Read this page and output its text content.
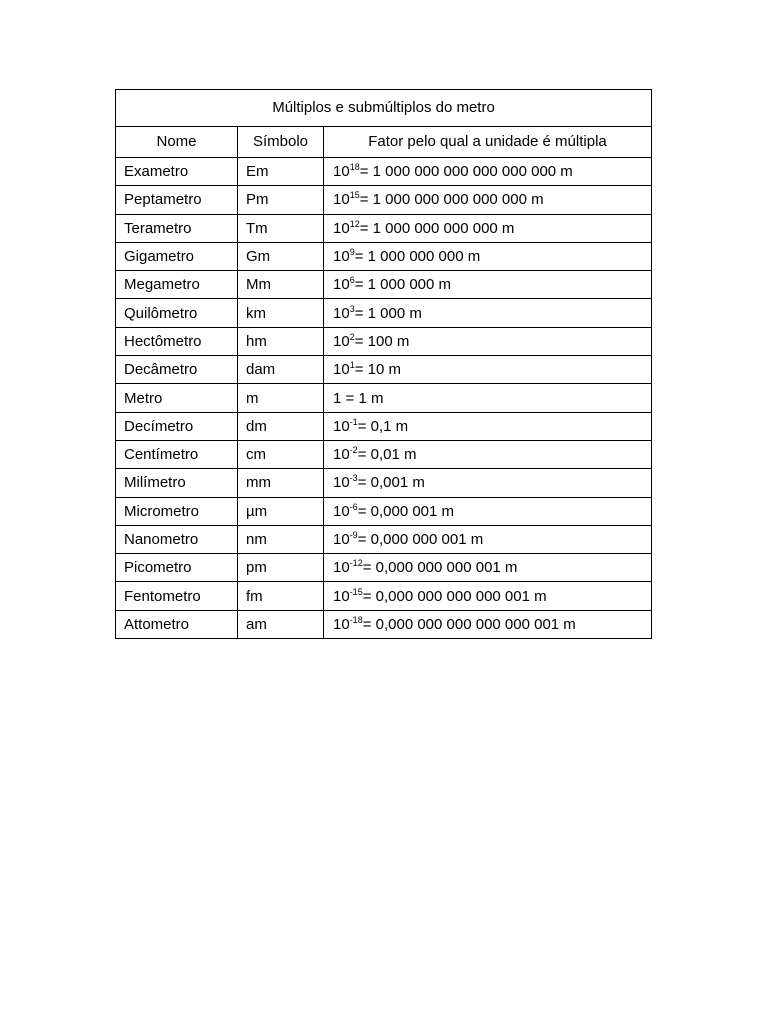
Múltiplos e submúltiplos do metro		
Nome	Símbolo	Fator pelo qual a unidade é múltipla
Exametro	Em	$10^{18}= 1$ 000 000 000 000 000 000 m
Peptametro	Pm	$10^{15}= 1$ 000 000 000 000 000 m
Terametro	Tm	$10^{12}= 1$ 000 000 000 000 m
Gigametro	Gm	$10^9= 1$ 000 000 000 m
Megametro	Mm	$10^6= 1$ 000 000 m
Quilômetro	km	$10^3= 1$ 000 m
Hectômetro	hm	$10^2= 100$ m
Decâmetro	dam	$10^1= 10$ m
Metro	m	1 = 1 m
Decímetro	dm	$10^{-1}= 0,1$ m
Centímetro	cm	$10^{-2}= 0,01$ m
Milímetro	mm	$10^{-3}= 0,001$ m
Micrometro	µm	$10^{-6}= 0,000$ 001 m
Nanometro	nm	$10^{-9}= 0,000$ 000 001 m
Picometro	pm	$10^{-12}= 0,000$ 000 000 001 m
Fentometro	fm	$10^{-15}= 0,000$ 000 000 000 001 m
Attometro	am	$10^{-18}= 0,000$ 000 000 000 000 001 m
